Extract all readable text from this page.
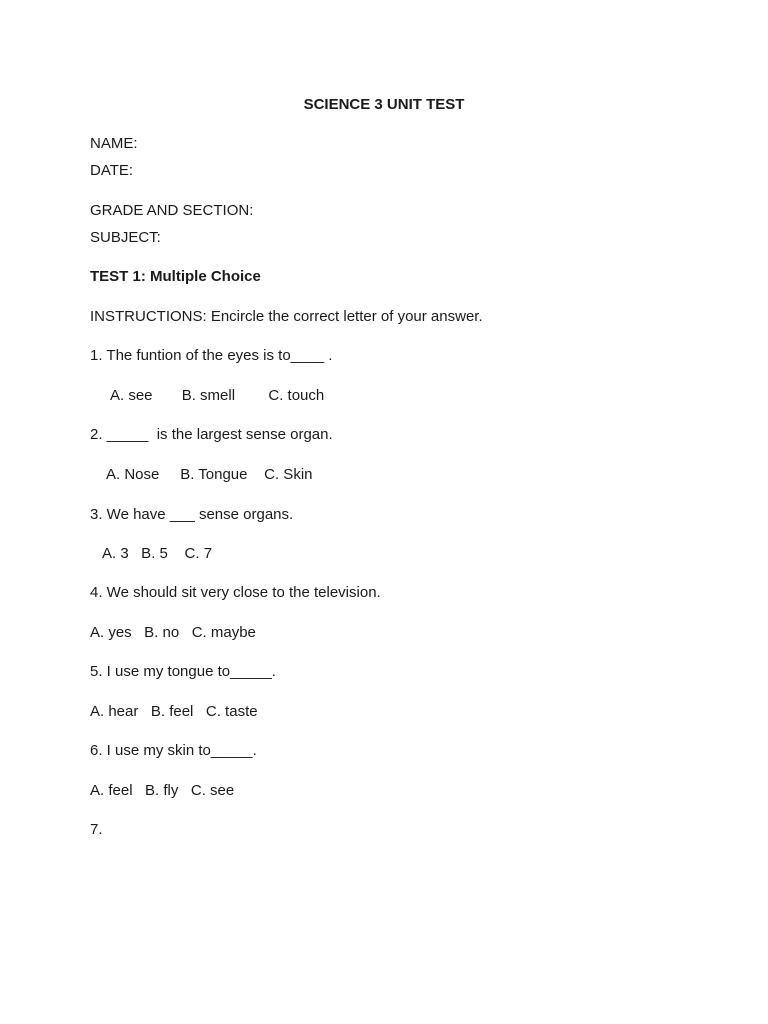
SCIENCE 3 UNIT TEST
NAME:
DATE:
GRADE AND SECTION:
SUBJECT:
TEST 1: Multiple Choice
INSTRUCTIONS: Encircle the correct letter of your answer.
1. The funtion of the eyes is to____ .
A. see       B. smell        C. touch
2. _____  is the largest sense organ.
A. Nose     B. Tongue    C. Skin
3. We have ___ sense organs.
A. 3   B. 5    C. 7
4. We should sit very close to the television.
A. yes   B. no   C. maybe
5. I use my tongue to_____.
A. hear   B. feel   C. taste
6. I use my skin to_____.
A. feel   B. fly   C. see
7.
